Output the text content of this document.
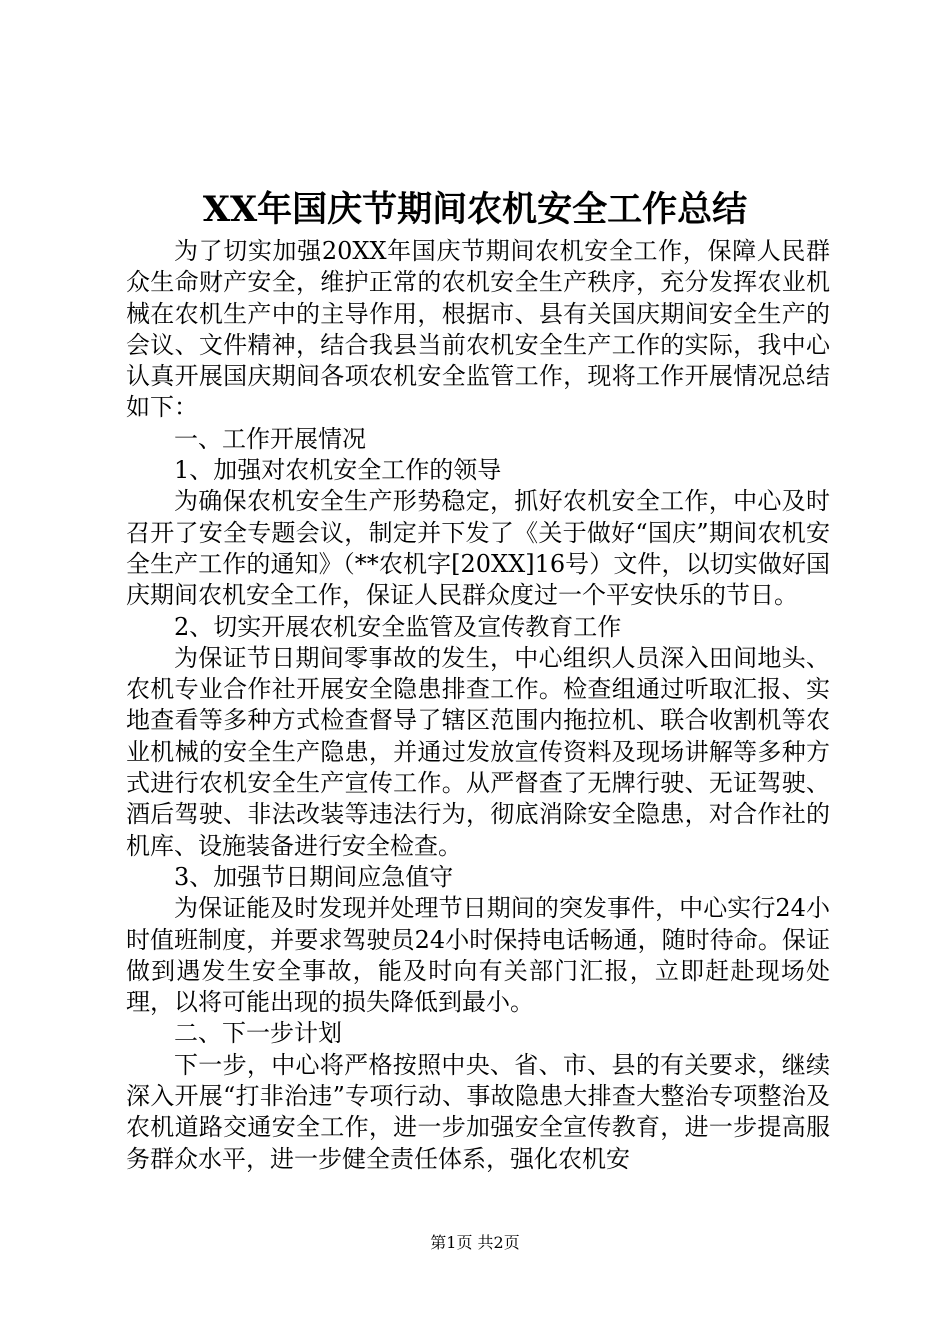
XX年国庆节期间农机安全工作总结

为了切实加强20XX年国庆节期间农机安全工作，保障人民群众生命财产安全，维护正常的农机安全生产秩序，充分发挥农业机械在农机生产中的主导作用，根据市、县有关国庆期间安全生产的会议、文件精神，结合我县当前农机安全生产工作的实际，我中心认真开展国庆期间各项农机安全监管工作，现将工作开展情况总结如下：

一、工作开展情况

1、加强对农机安全工作的领导

为确保农机安全生产形势稳定，抓好农机安全工作，中心及时召开了安全专题会议，制定并下发了《关于做好“国庆”期间农机安全生产工作的通知》（**农机字[20XX]16号）文件，以切实做好国庆期间农机安全工作，保证人民群众度过一个平安快乐的节日。

2、切实开展农机安全监管及宣传教育工作

为保证节日期间零事故的发生，中心组织人员深入田间地头、农机专业合作社开展安全隐患排查工作。检查组通过听取汇报、实地查看等多种方式检查督导了辖区范围内拖拉机、联合收割机等农业机械的安全生产隐患，并通过发放宣传资料及现场讲解等多种方式进行农机安全生产宣传工作。从严督查了无牌行驶、无证驾驶、酒后驾驶、非法改装等违法行为，彻底消除安全隐患，对合作社的机库、设施装备进行安全检查。

3、加强节日期间应急值守

为保证能及时发现并处理节日期间的突发事件，中心实行24小时值班制度，并要求驾驶员24小时保持电话畅通，随时待命。保证做到遇发生安全事故，能及时向有关部门汇报，立即赶赴现场处理，以将可能出现的损失降低到最小。

二、下一步计划

下一步，中心将严格按照中央、省、市、县的有关要求，继续深入开展“打非治违”专项行动、事故隐患大排查大整治专项整治及农机道路交通安全工作，进一步加强安全宣传教育，进一步提高服务群众水平，进一步健全责任体系，强化农机安

第1页 共2页
